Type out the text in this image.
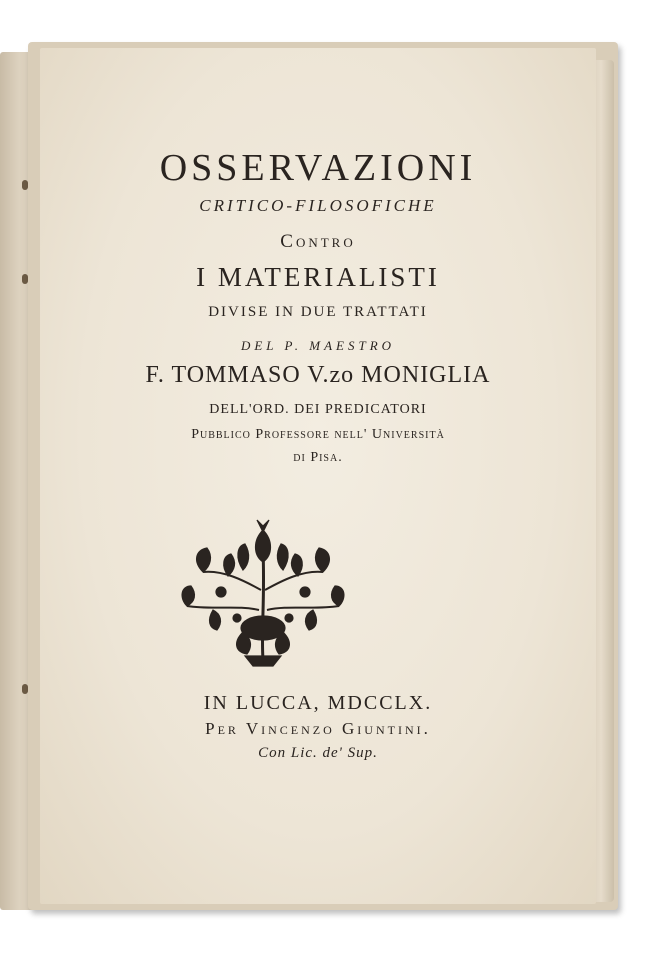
OSSERVAZIONI
CRITICO-FILOSOFICHE
Contro
I MATERIALISTI
DIVISE IN DUE TRATTATI
DEL P. MAESTRO
F. TOMMASO V.zo MONIGLIA
DELL'ORD. DEI PREDICATORI
Pubblico Professore nell' Università
di Pisa.
IN LUCCA, MDCCLX.
Per Vincenzo Giuntini.
Con Lic. de' Sup.
